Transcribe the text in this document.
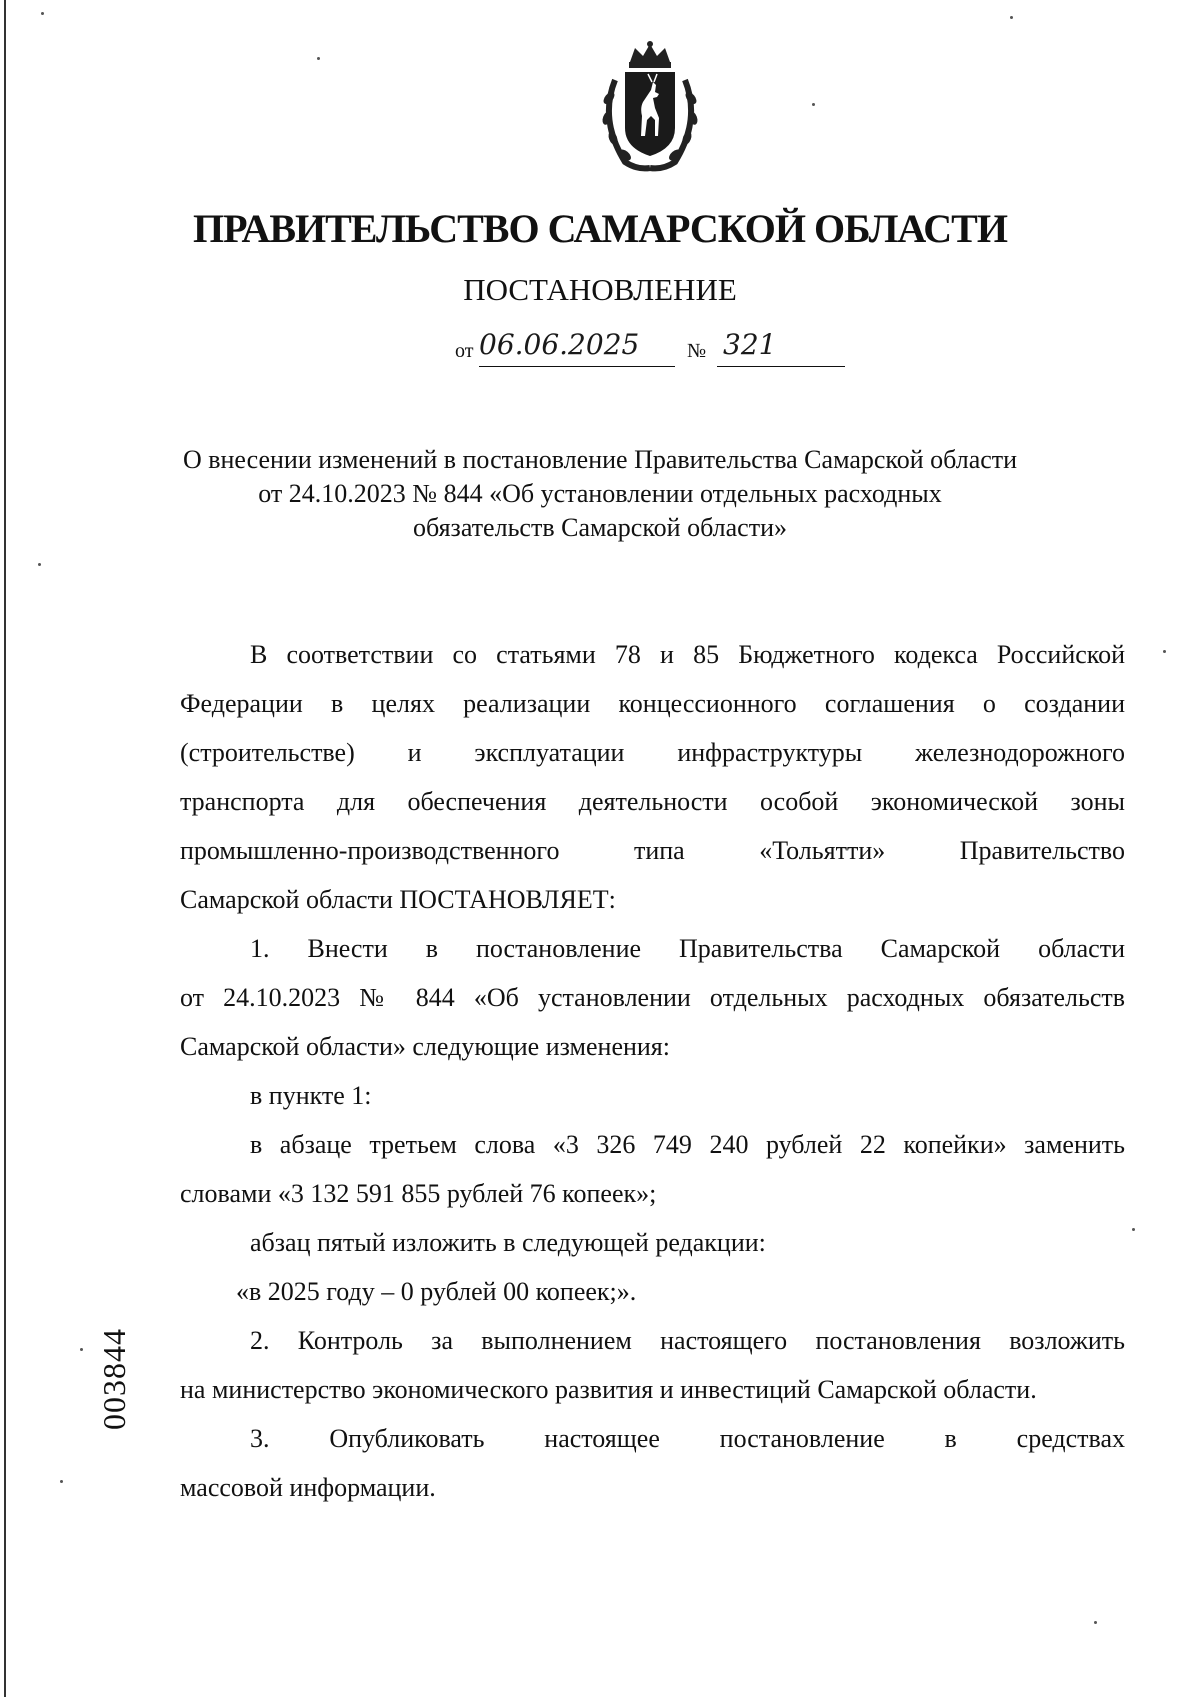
ПРАВИТЕЛЬСТВО САМАРСКОЙ ОБЛАСТИ
ПОСТАНОВЛЕНИЕ
от 06.06.2025 № 321
О внесении изменений в постановление Правительства Самарской области
от 24.10.2023 № 844 «Об установлении отдельных расходных
обязательств Самарской области»
В соответствии со статьями 78 и 85 Бюджетного кодекса Российской
Федерации в целях реализации концессионного соглашения о создании
(строительстве) и эксплуатации инфраструктуры железнодорожного
транспорта для обеспечения деятельности особой экономической зоны
промышленно-производственного типа «Тольятти» Правительство
Самарской области ПОСТАНОВЛЯЕТ:
1. Внести в постановление Правительства Самарской области
от 24.10.2023 № 844 «Об установлении отдельных расходных обязательств
Самарской области» следующие изменения:
в пункте 1:
в абзаце третьем слова «3 326 749 240 рублей 22 копейки» заменить
словами «3 132 591 855 рублей 76 копеек»;
абзац пятый изложить в следующей редакции:
«в 2025 году – 0 рублей 00 копеек;».
2. Контроль за выполнением настоящего постановления возложить
на министерство экономического развития и инвестиций Самарской области.
3. Опубликовать настоящее постановление в средствах
массовой информации.
003844
